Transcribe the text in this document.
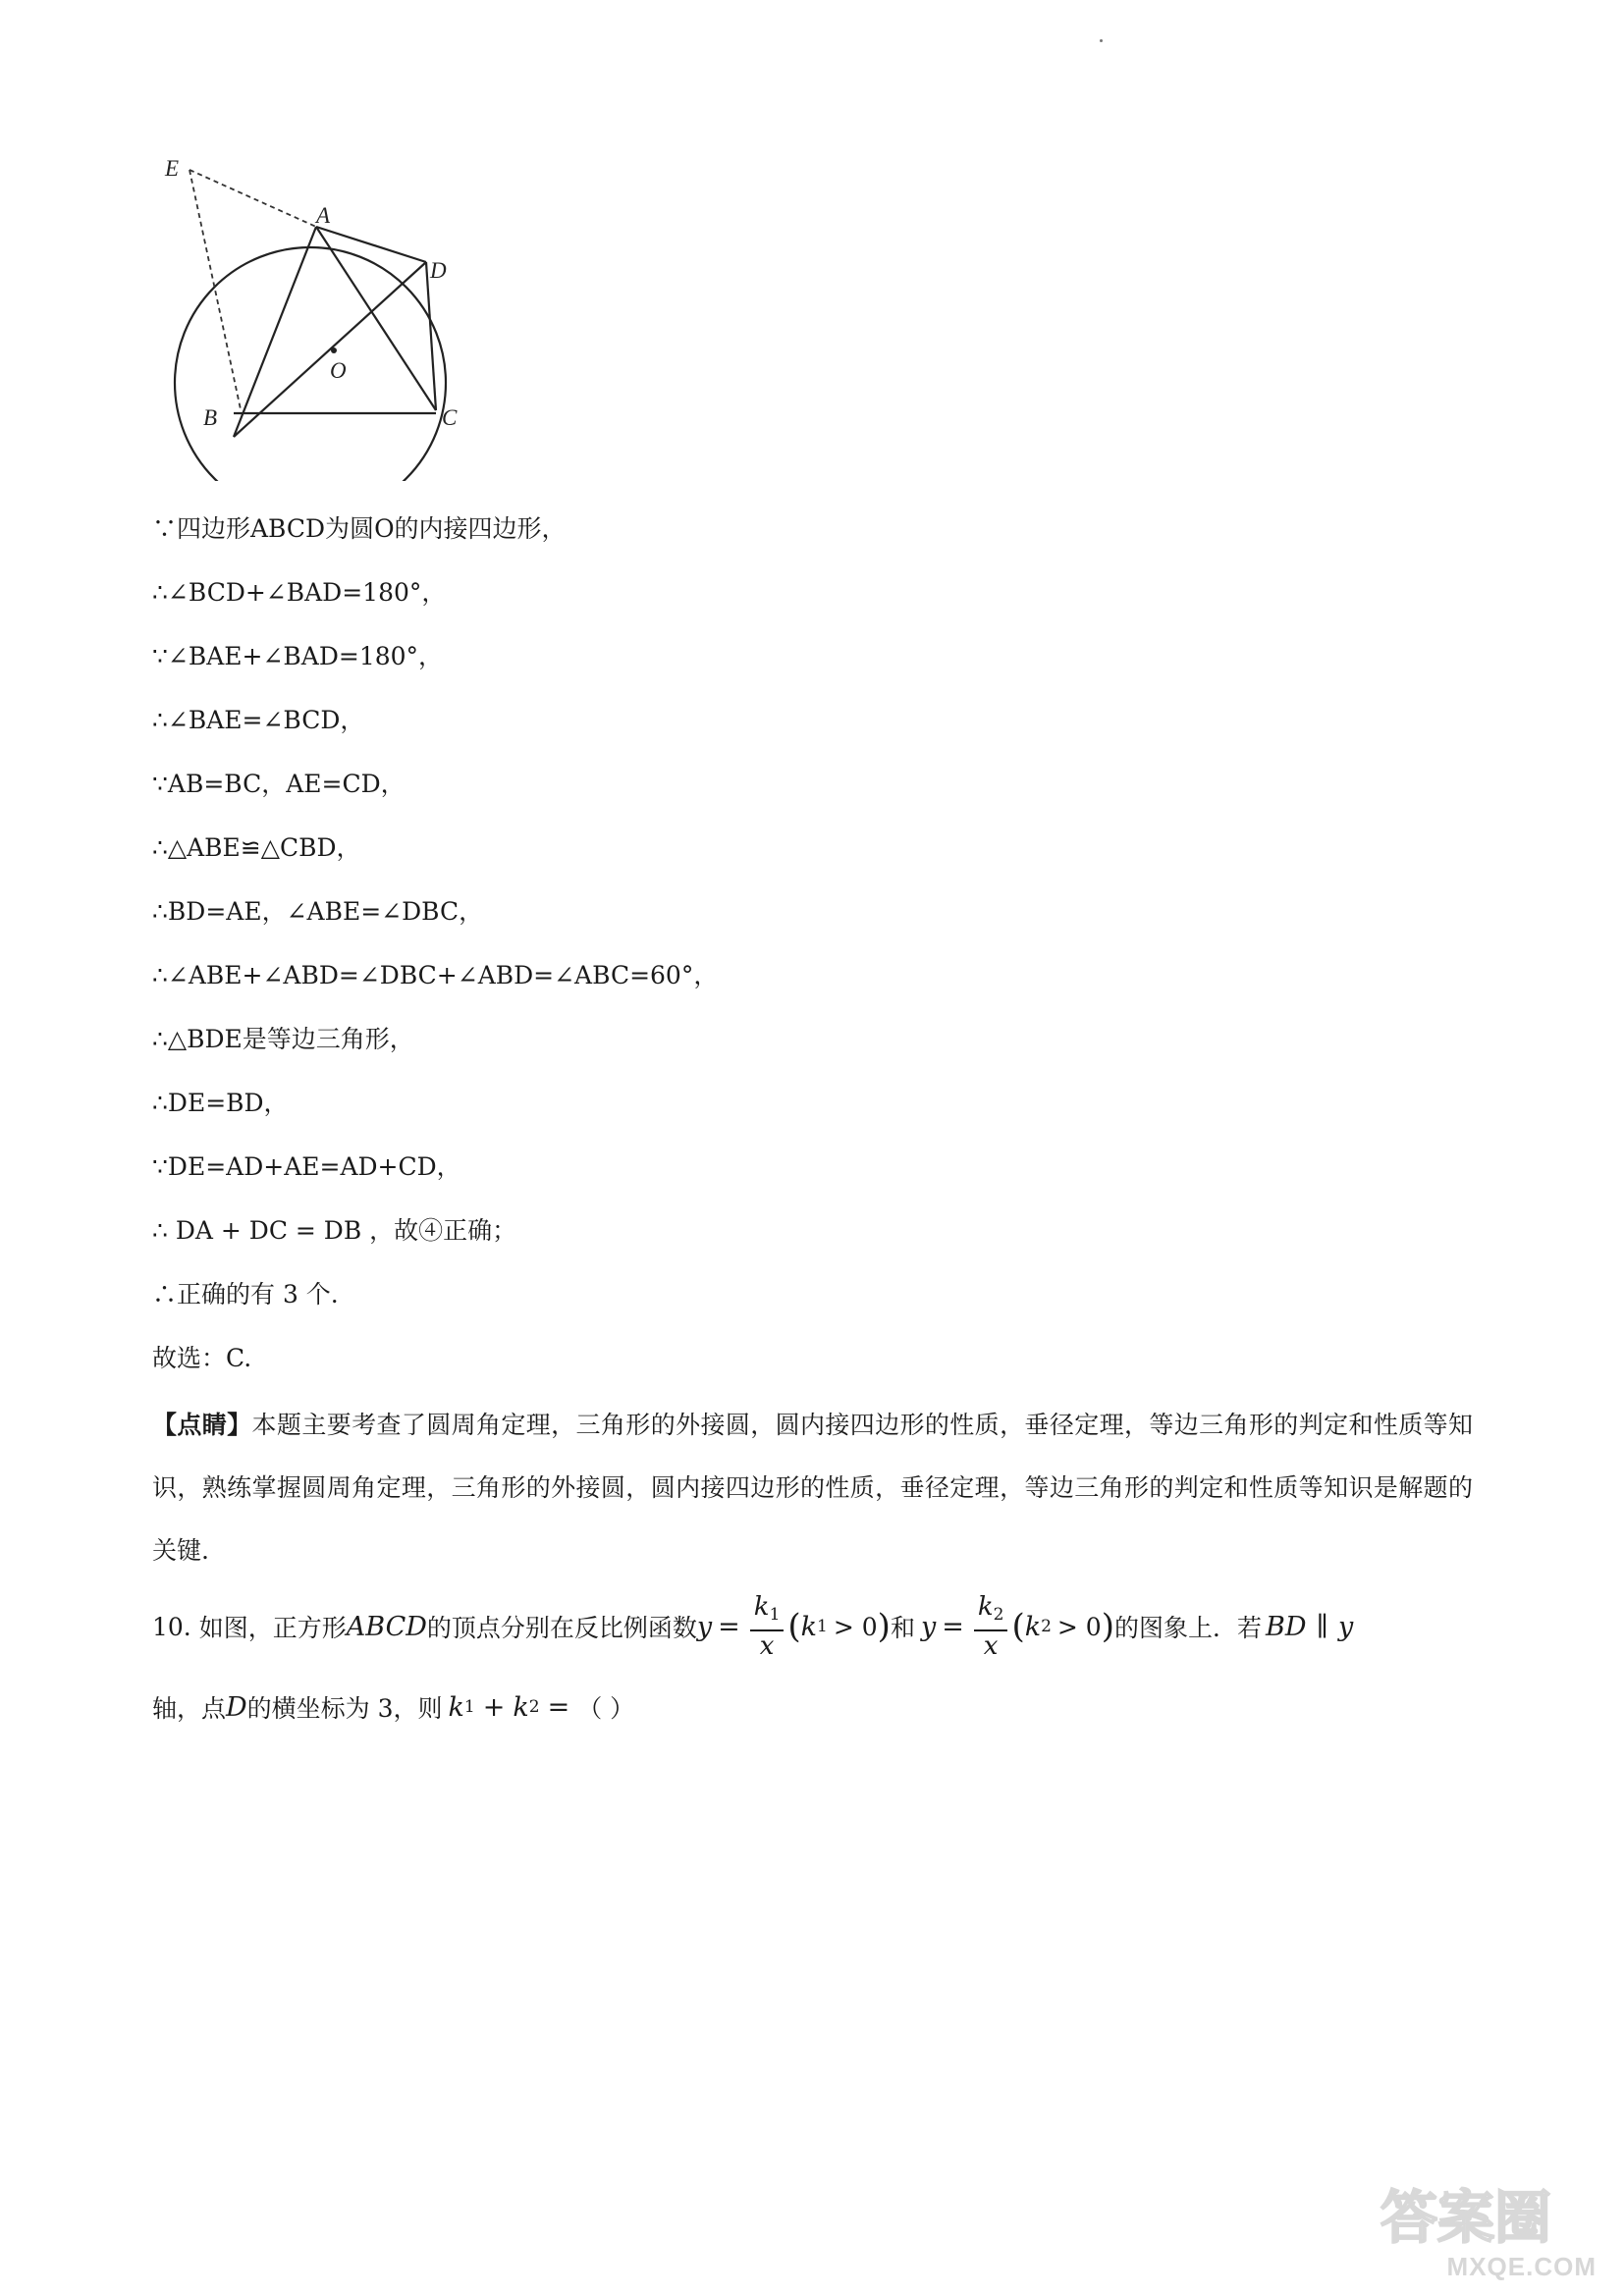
E
A
D
O
B	C
∵四边形ABCD为圆O的内接四边形，
∴∠BCD+∠BAD=180°，
∵∠BAE+∠BAD=180°，
∴∠BAE=∠BCD，
∵AB=BC，AE=CD，
∴△ABE≌△CBD，
∴BD=AE，∠ABE=∠DBC，
∴∠ABE+∠ABD=∠DBC+∠ABD=∠ABC=60°，
∴△BDE是等边三角形，
∴DE=BD，
∵DE=AD+AE=AD+CD，
∴ DA + DC = DB ，故④正确；
∴正确的有 3 个.
故选：C.

【点睛】本题主要考查了圆周角定理，三角形的外接圆，圆内接四边形的性质，垂径定理，等边三角形的判定和性质等知识，熟练掌握圆周角定理，三角形的外接圆，圆内接四边形的性质，垂径定理，等边三角形的判定和性质等知识是解题的关键.

10.
如图，正方形 ABCD 的顶点分别在反比例函数 $y = \frac{k_1}{x}$ ( k 1 > 0 ) 和 $y = \frac{k_2}{x}$ ( k 2 > 0 ) 的图象上．若 BD ∥ y
轴，点 D 的横坐标为 3，则 k 1 + k 2 = （ ）
答案圈
MXQE.COM
